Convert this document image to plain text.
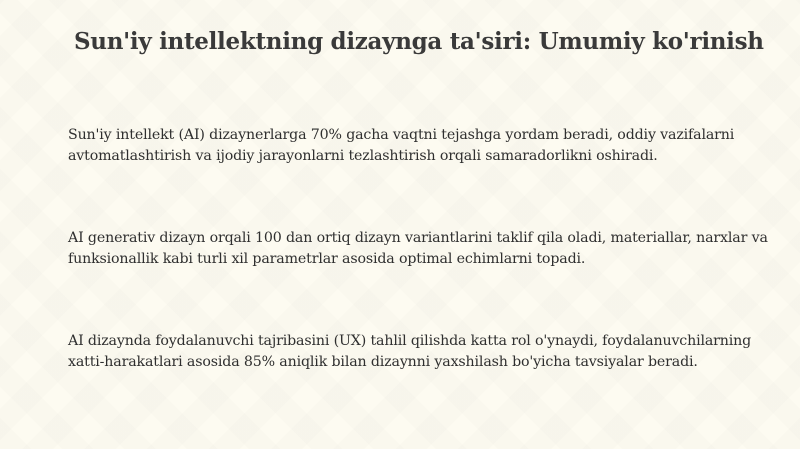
Sun'iy intellektning dizaynga ta'siri: Umumiy ko'rinish

Sun'iy intellekt (AI) dizaynerlarga 70% gacha vaqtni tejashga yordam beradi, oddiy vazifalarni avtomatlashtirish va ijodiy jarayonlarni tezlashtirish orqali samaradorlikni oshiradi.

AI generativ dizayn orqali 100 dan ortiq dizayn variantlarini taklif qila oladi, materiallar, narxlar va funksionallik kabi turli xil parametrlar asosida optimal echimlarni topadi.

AI dizaynda foydalanuvchi tajribasini (UX) tahlil qilishda katta rol o'ynaydi, foydalanuvchilarning xatti-harakatlari asosida 85% aniqlik bilan dizaynni yaxshilash bo'yicha tavsiyalar beradi.
